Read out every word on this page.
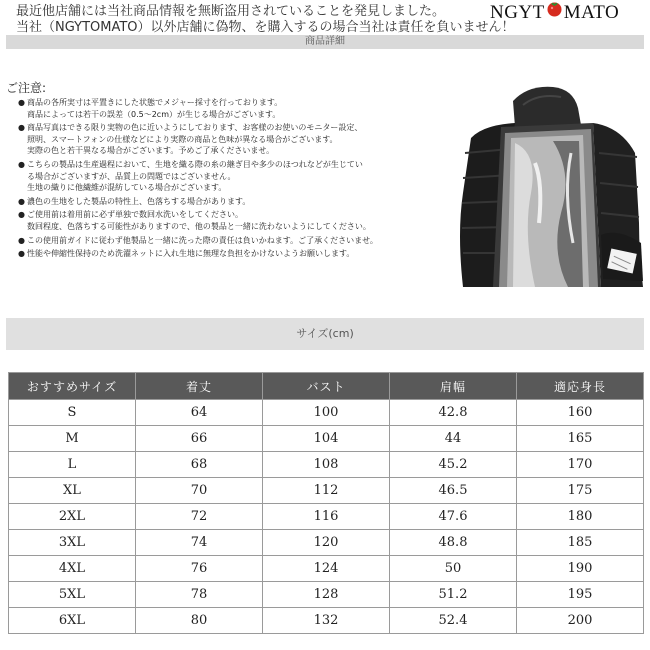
最近他店舗には当社商品情報を無断盗用されていることを発見しました。
当社（NGYTOMATO）以外店舗に偽物、を購入するの場合当社は責任を負いません！
NGYT MATO
商品詳細
ご注意:
● 商品の各所実寸は平置きにした状態でメジャー採寸を行っております。
商品によっては若干の誤差（0.5～2cm）が生じる場合がございます。
● 商品写真はできる限り実物の色に近いようにしております、お客様のお使いのモニター設定、
照明、スマートフォンの仕様などにより実際の商品と色味が異なる場合がございます。
実際の色と若干異なる場合がございます。予めご了承くださいませ。
● こちらの製品は生産過程において、生地を織る際の糸の継ぎ目や多少のほつれなどが生じてい
る場合がございますが、品質上の問題ではございません。
生地の織りに他繊維が混紡している場合がございます。
● 濃色の生地をした製品の特性上、色落ちする場合があります。
● ご使用前は着用前に必ず単独で数回水洗いをしてください。
数回程度、色落ちする可能性がありますので、他の製品と一緒に洗わないようにしてください。
● この使用前ガイドに従わず他製品と一緒に洗った際の責任は負いかねます。ご了承くださいませ。
● 性能や伸縮性保持のため洗濯ネットに入れ生地に無理な負担をかけないようお願いします。
サイズ(cm)
おすすめサイズ	着丈	バスト	肩幅	適応身長
S	64	100	42.8	160
M	66	104	44	165
L	68	108	45.2	170
XL	70	112	46.5	175
2XL	72	116	47.6	180
3XL	74	120	48.8	185
4XL	76	124	50	190
5XL	78	128	51.2	195
6XL	80	132	52.4	200
